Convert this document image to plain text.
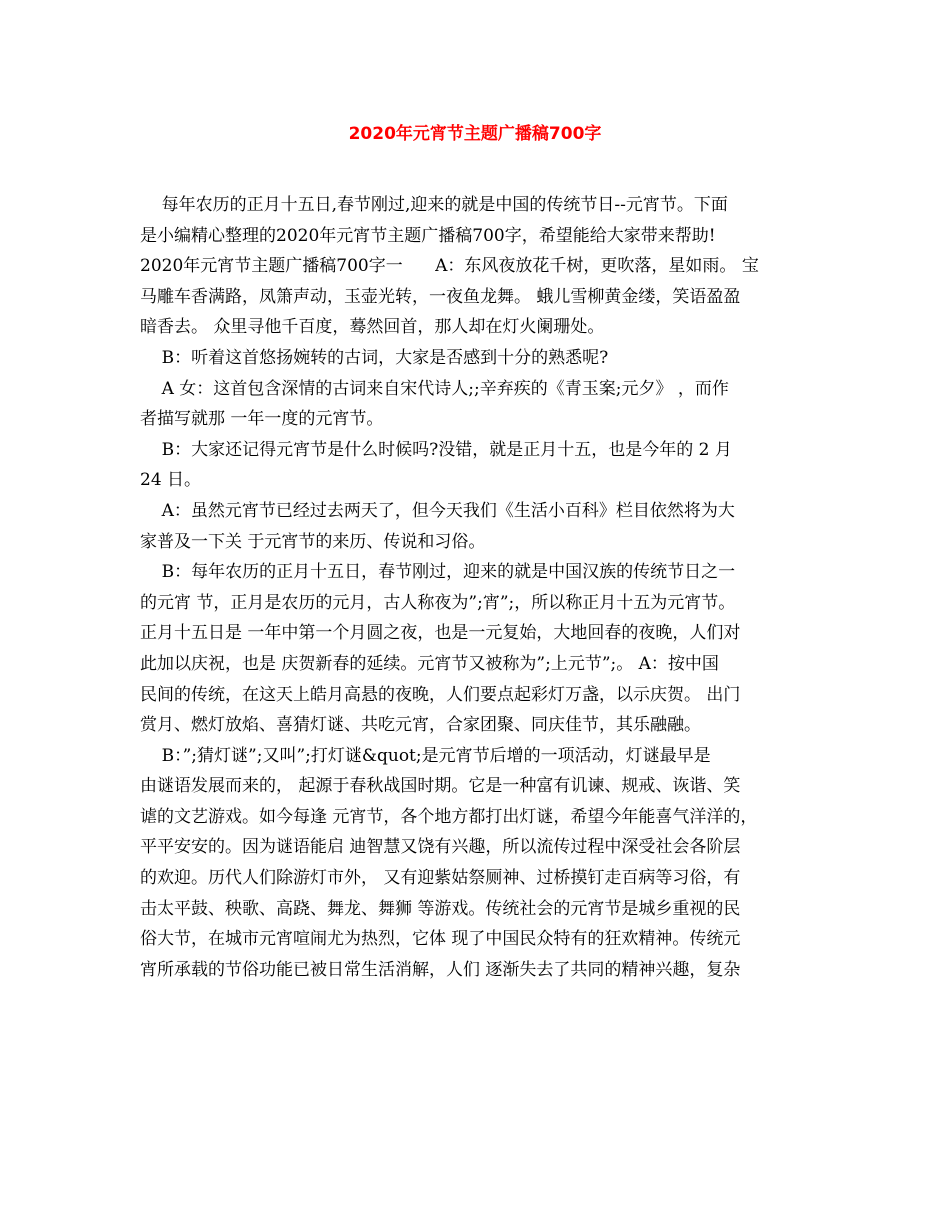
2020年元宵节主题广播稿700字
每年农历的正月十五日,春节刚过,迎来的就是中国的传统节日--元宵节。下面
是小编精心整理的2020年元宵节主题广播稿700字，希望能给大家带来帮助!
2020年元宵节主题广播稿700字一      A：东风夜放花千树，更吹落，星如雨。 宝
马雕车香满路，凤箫声动，玉壶光转，一夜鱼龙舞。 蛾儿雪柳黄金缕，笑语盈盈
暗香去。 众里寻他千百度，蓦然回首，那人却在灯火阑珊处。
B：听着这首悠扬婉转的古词，大家是否感到十分的熟悉呢?
A 女：这首包含深情的古词来自宋代诗人;;辛弃疾的《青玉案;元夕》 ，而作
者描写就那 一年一度的元宵节。
B：大家还记得元宵节是什么时候吗?没错，就是正月十五，也是今年的 2 月
24 日。
A：虽然元宵节已经过去两天了，但今天我们《生活小百科》栏目依然将为大
家普及一下关 于元宵节的来历、传说和习俗。
B：每年农历的正月十五日，春节刚过，迎来的就是中国汉族的传统节日之一
的元宵 节，正月是农历的元月，古人称夜为”;宵”;，所以称正月十五为元宵节。
正月十五日是 一年中第一个月圆之夜，也是一元复始，大地回春的夜晚，人们对
此加以庆祝，也是 庆贺新春的延续。元宵节又被称为”;上元节”;。 A：按中国
民间的传统，在这天上皓月高悬的夜晚，人们要点起彩灯万盏，以示庆贺。 出门
赏月、燃灯放焰、喜猜灯谜、共吃元宵，合家团聚、同庆佳节，其乐融融。
B：”;猜灯谜”;又叫”;打灯谜&quot;是元宵节后增的一项活动，灯谜最早是
由谜语发展而来的， 起源于春秋战国时期。它是一种富有讥谏、规戒、诙谐、笑
谑的文艺游戏。如今每逢 元宵节，各个地方都打出灯谜，希望今年能喜气洋洋的，
平平安安的。因为谜语能启 迪智慧又饶有兴趣，所以流传过程中深受社会各阶层
的欢迎。历代人们除游灯市外， 又有迎紫姑祭厕神、过桥摸钉走百病等习俗，有
击太平鼓、秧歌、高跷、舞龙、舞狮 等游戏。传统社会的元宵节是城乡重视的民
俗大节，在城市元宵喧闹尤为热烈，它体 现了中国民众特有的狂欢精神。传统元
宵所承载的节俗功能已被日常生活消解，人们 逐渐失去了共同的精神兴趣，复杂
